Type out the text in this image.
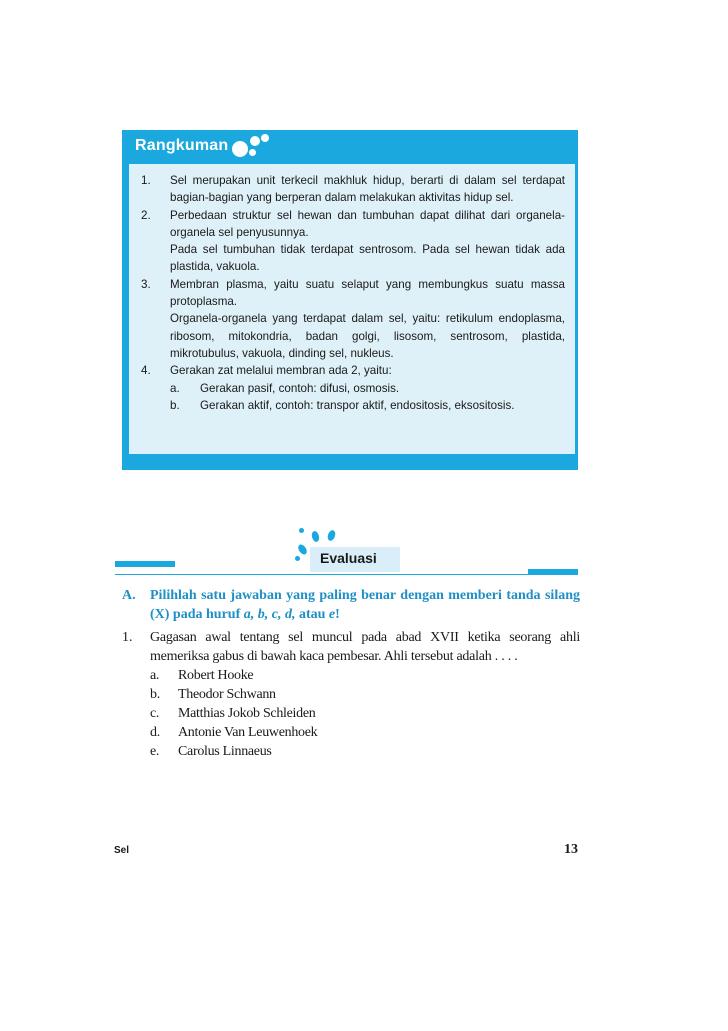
Rangkuman
1.	Sel merupakan unit terkecil makhluk hidup, berarti di dalam sel terdapat bagian-bagian yang berperan dalam melakukan aktivitas hidup sel.

2.	Perbedaan struktur sel hewan dan tumbuhan dapat dilihat dari organela-organela sel penyusunnya.

Pada sel tumbuhan tidak terdapat sentrosom. Pada sel hewan tidak ada plastida, vakuola.

3.	Membran plasma, yaitu suatu selaput yang membungkus suatu massa protoplasma.

Organela-organela yang terdapat dalam sel, yaitu: retikulum endoplasma, ribosom, mitokondria, badan golgi, lisosom, sentrosom, plastida, mikrotubulus, vakuola, dinding sel, nukleus.

4.	Gerakan zat melalui membran ada 2, yaitu:

a.	Gerakan pasif, contoh: difusi, osmosis.
b.	Gerakan aktif, contoh: transpor aktif, endositosis, eksositosis.
Evaluasi
A. Pilihlah satu jawaban yang paling benar dengan memberi tanda silang (X) pada huruf a, b, c, d, atau e!

1. Gagasan awal tentang sel muncul pada abad XVII ketika seorang ahli memeriksa gabus di bawah kaca pembesar. Ahli tersebut adalah . . . .

a.	Robert Hooke
b.	Theodor Schwann
c.	Matthias Jokob Schleiden
d.	Antonie Van Leuwenhoek
e.	Carolus Linnaeus
Sel	13
